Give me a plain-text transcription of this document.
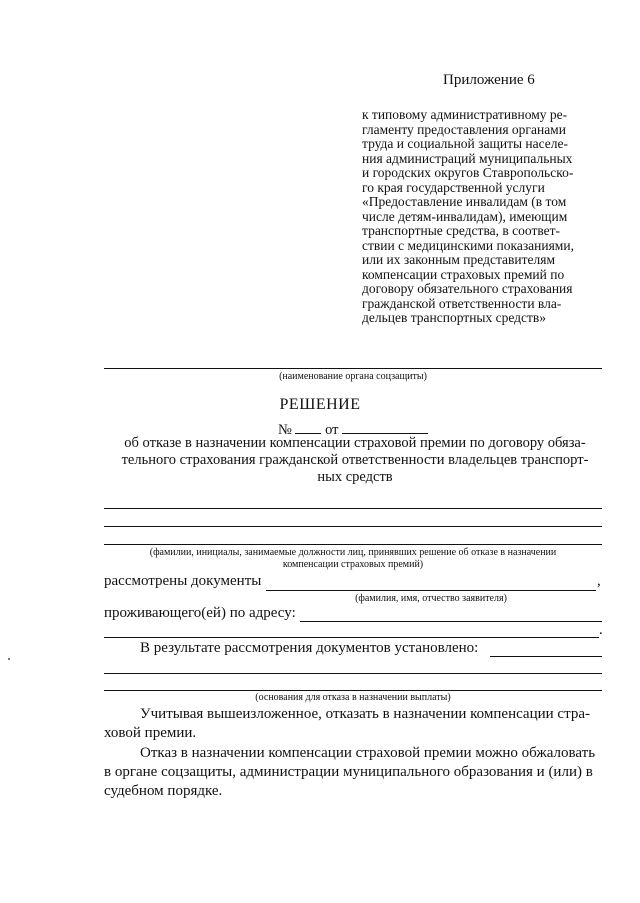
Приложение 6
к типовому административному ре-
гламенту предоставления органами
труда и социальной защиты населе-
ния администраций муниципальных
и городских округов Ставропольско-
го края государственной услуги
«Предоставление инвалидам (в том
числе детям-инвалидам), имеющим
транспортные средства, в соответ-
ствии с медицинскими показаниями,
или их законным представителям
компенсации страховых премий по
договору обязательного страхования
гражданской ответственности вла-
дельцев транспортных средств»
(наименование органа соцзащиты)
РЕШЕНИЕ
№ от
об отказе в назначении компенсации страховой премии по договору обяза-
тельного страхования гражданской ответственности владельцев транспорт-
ных средств
(фамилии, инициалы, занимаемые должности лиц, принявших решение об отказе в назначении
компенсации страховых премий)
рассмотрены документы	,
(фамилия, имя, отчество заявителя)
проживающего(ей) по адресу:
.
В результате рассмотрения документов установлено:
(основания для отказа в назначении выплаты)
Учитывая вышеизложенное, отказать в назначении компенсации стра-
ховой премии.
Отказ в назначении компенсации страховой премии можно обжаловать
в органе соцзащиты, администрации муниципального образования и (или) в
судебном порядке.
